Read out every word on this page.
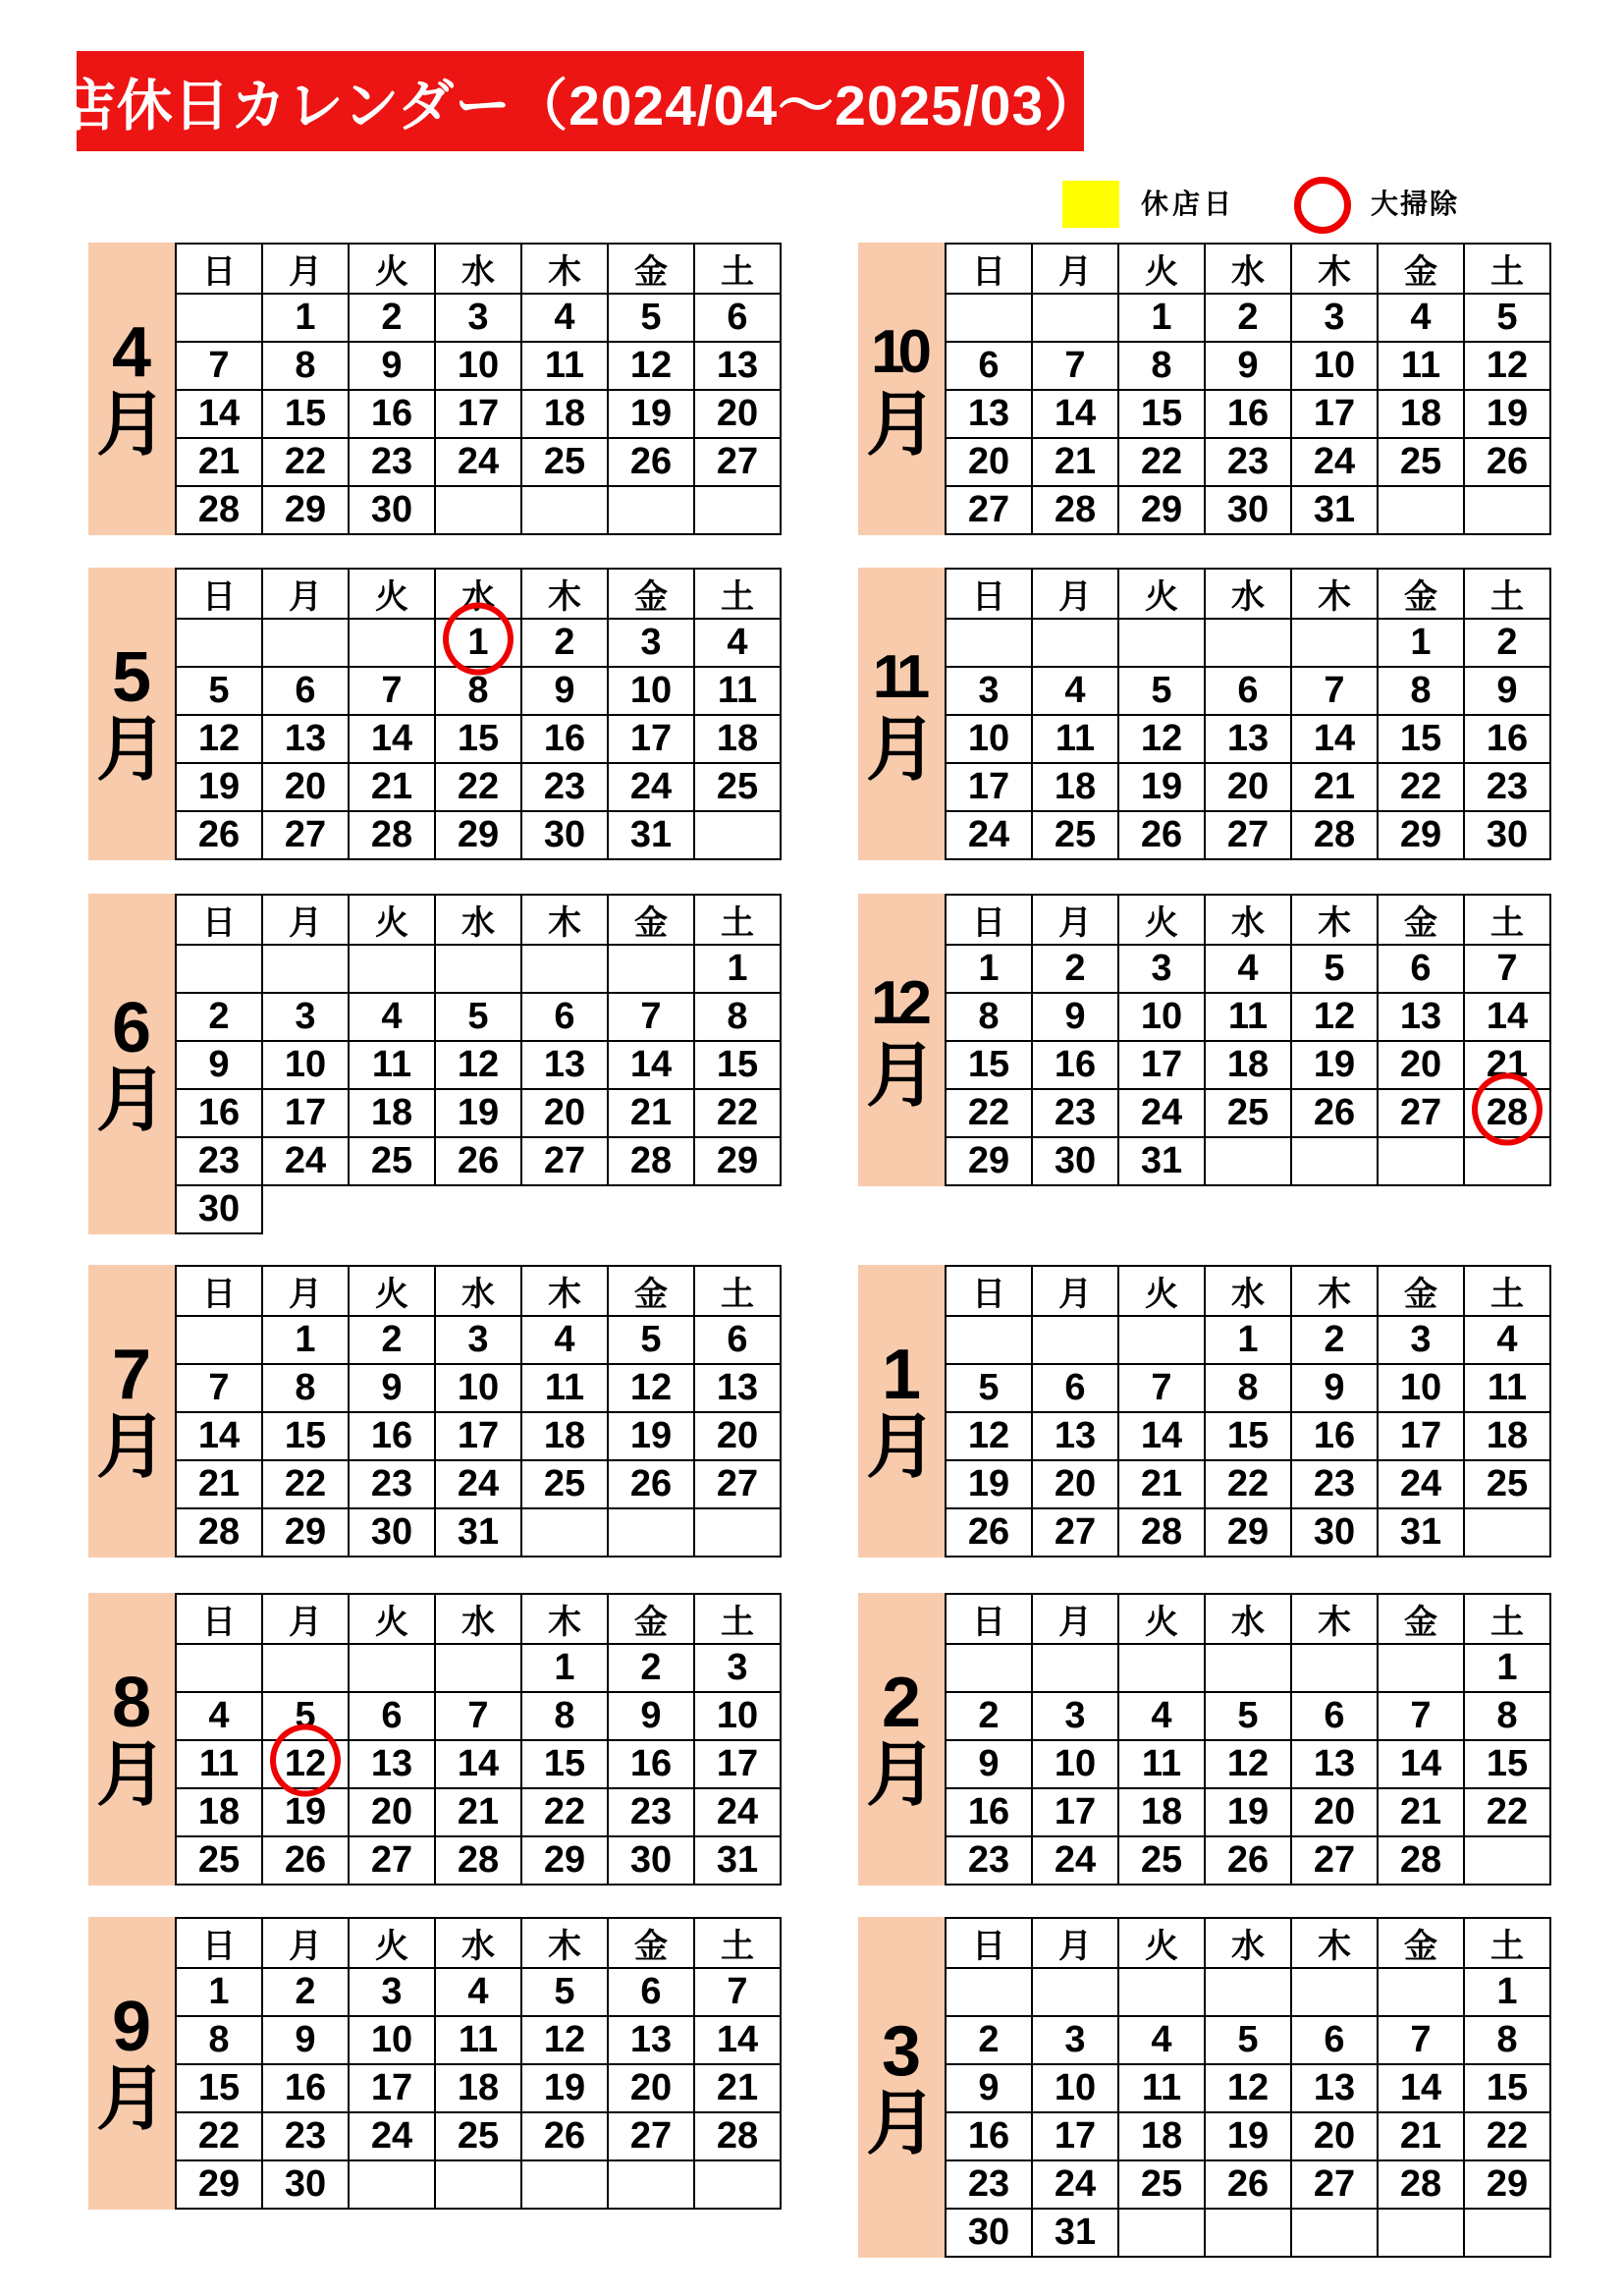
店休日カレンダー（2024/04～2025/03）
休店日	大掃除
4
月
日	月	火	水	木	金	土
	1	2	3	4	5	6
7	8	9	10	11	12	13
14	15	16	17	18	19	20
21	22	23	24	25	26	27
28	29	30				
5
月
日	月	火	水	木	金	土
			1	2	3	4
5	6	7	8	9	10	11
12	13	14	15	16	17	18
19	20	21	22	23	24	25
26	27	28	29	30	31	
6
月
日	月	火	水	木	金	土
						1
2	3	4	5	6	7	8
9	10	11	12	13	14	15
16	17	18	19	20	21	22
23	24	25	26	27	28	29
30						
7
月
日	月	火	水	木	金	土
	1	2	3	4	5	6
7	8	9	10	11	12	13
14	15	16	17	18	19	20
21	22	23	24	25	26	27
28	29	30	31			
8
月
日	月	火	水	木	金	土
				1	2	3
4	5	6	7	8	9	10
11	12	13	14	15	16	17
18	19	20	21	22	23	24
25	26	27	28	29	30	31
9
月
日	月	火	水	木	金	土
1	2	3	4	5	6	7
8	9	10	11	12	13	14
15	16	17	18	19	20	21
22	23	24	25	26	27	28
29	30					
10
月
日	月	火	水	木	金	土
		1	2	3	4	5
6	7	8	9	10	11	12
13	14	15	16	17	18	19
20	21	22	23	24	25	26
27	28	29	30	31		
11
月
日	月	火	水	木	金	土
					1	2
3	4	5	6	7	8	9
10	11	12	13	14	15	16
17	18	19	20	21	22	23
24	25	26	27	28	29	30
12
月
日	月	火	水	木	金	土
1	2	3	4	5	6	7
8	9	10	11	12	13	14
15	16	17	18	19	20	21
22	23	24	25	26	27	28

29	30	31				
1
月
日	月	火	水	木	金	土
			1	2	3	4
5	6	7	8	9	10	11
12	13	14	15	16	17	18
19	20	21	22	23	24	25
26	27	28	29	30	31	
2
月
日	月	火	水	木	金	土
						1
2	3	4	5	6	7	8
9	10	11	12	13	14	15
16	17	18	19	20	21	22
23	24	25	26	27	28	
3
月
日	月	火	水	木	金	土
						1
2	3	4	5	6	7	8
9	10	11	12	13	14	15
16	17	18	19	20	21	22
23	24	25	26	27	28	29
30	31					
